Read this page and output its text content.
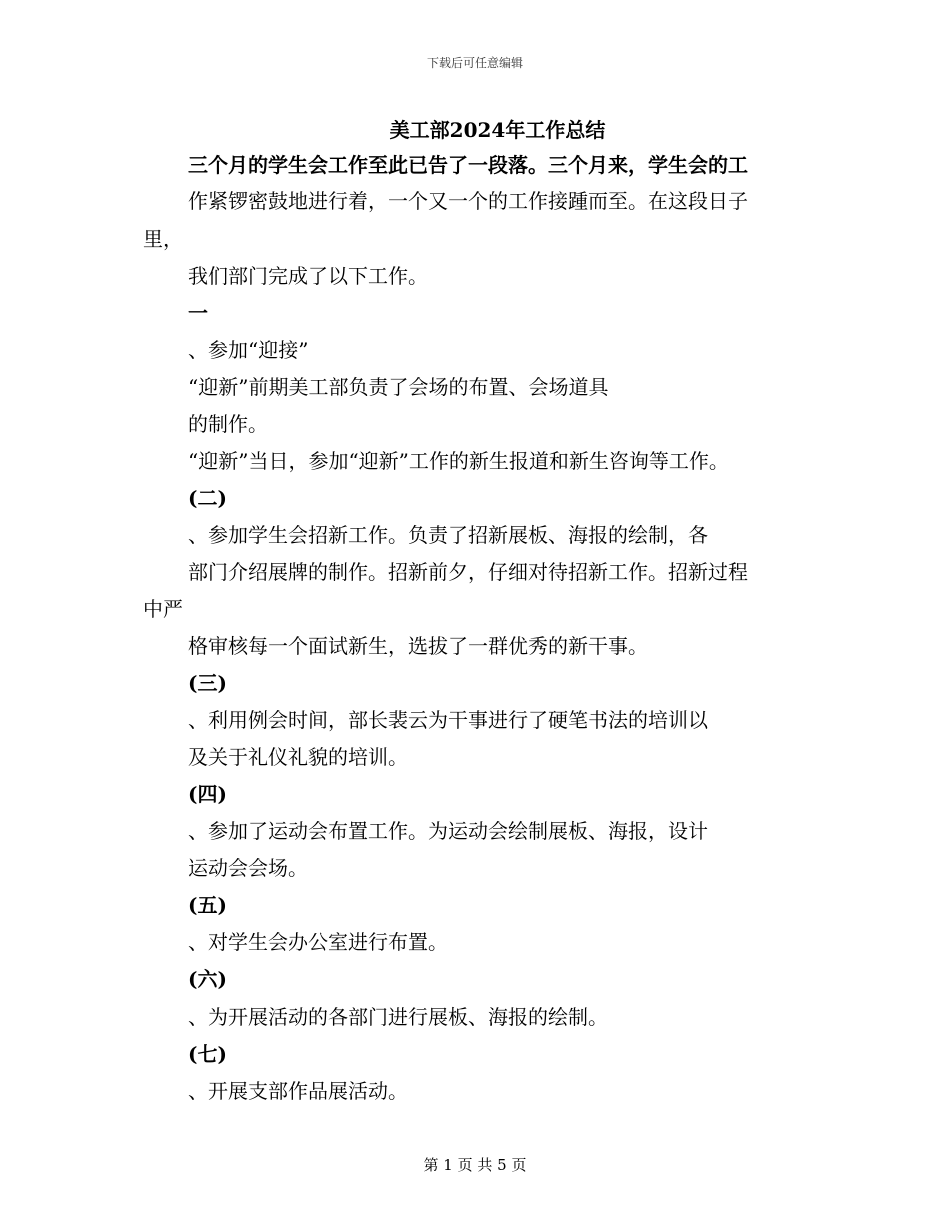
下载后可任意编辑
美工部2024年工作总结
三个月的学生会工作至此已告了一段落。三个月来，学生会的工
作紧锣密鼓地进行着，一个又一个的工作接踵而至。在这段日子
里，
我们部门完成了以下工作。
一
、参加“迎接”
“迎新”前期美工部负责了会场的布置、会场道具
的制作。
“迎新”当日，参加“迎新”工作的新生报道和新生咨询等工作。
(二)
、参加学生会招新工作。负责了招新展板、海报的绘制，各
部门介绍展牌的制作。招新前夕，仔细对待招新工作。招新过程
中严
格审核每一个面试新生，选拔了一群优秀的新干事。
(三)
、利用例会时间，部长裴云为干事进行了硬笔书法的培训以
及关于礼仪礼貌的培训。
(四)
、参加了运动会布置工作。为运动会绘制展板、海报，设计
运动会会场。
(五)
、对学生会办公室进行布置。
(六)
、为开展活动的各部门进行展板、海报的绘制。
(七)
、开展支部作品展活动。
第 1 页 共 5 页
